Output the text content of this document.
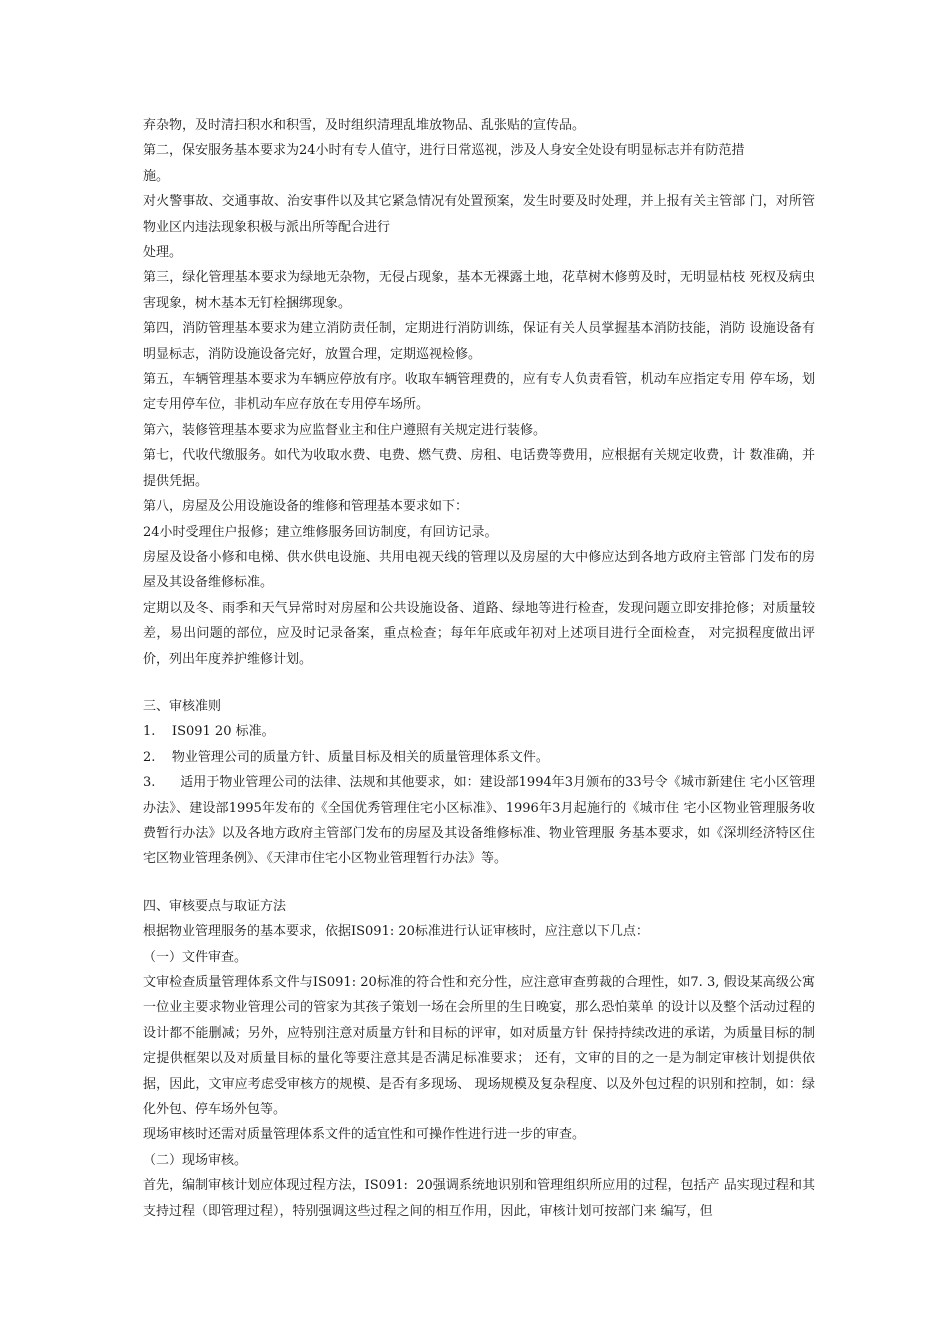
弃杂物，及时清扫积水和积雪，及时组织清理乱堆放物品、乱张贴的宣传品。

第二，保安服务基本要求为24小时有专人值守，进行日常巡视，涉及人身安全处设有明显标志并有防范措

施。

对火警事故、交通事故、治安事件以及其它紧急情况有处置预案，发生时要及时处理，并上报有关主管部 门，对所管物业区内违法现象积极与派出所等配合进行

处理。

第三，绿化管理基本要求为绿地无杂物，无侵占现象，基本无裸露土地，花草树木修剪及时，无明显枯枝 死杈及病虫害现象，树木基本无钉栓捆绑现象。

第四，消防管理基本要求为建立消防责任制，定期进行消防训练，保证有关人员掌握基本消防技能，消防 设施设备有明显标志，消防设施设备完好，放置合理，定期巡视检修。

第五，车辆管理基本要求为车辆应停放有序。收取车辆管理费的，应有专人负责看管，机动车应指定专用 停车场，划定专用停车位，非机动车应存放在专用停车场所。

第六，装修管理基本要求为应监督业主和住户遵照有关规定进行装修。

第七，代收代缴服务。如代为收取水费、电费、燃气费、房租、电话费等费用，应根据有关规定收费，计 数准确，并提供凭据。

第八，房屋及公用设施设备的维修和管理基本要求如下：

24小时受理住户报修；建立维修服务回访制度，有回访记录。

房屋及设备小修和电梯、供水供电设施、共用电视天线的管理以及房屋的大中修应达到各地方政府主管部 门发布的房屋及其设备维修标准。

定期以及冬、雨季和天气异常时对房屋和公共设施设备、道路、绿地等进行检查，发现问题立即安排抢修；对质量较差，易出问题的部位，应及时记录备案，重点检查；每年年底或年初对上述项目进行全面检查， 对完损程度做出评价，列出年度养护维修计划。

三、审核准则

1.    IS091 20 标准。

2.    物业管理公司的质量方针、质量目标及相关的质量管理体系文件。

3.      适用于物业管理公司的法律、法规和其他要求，如：建设部1994年3月颁布的33号令《城市新建住 宅小区管理办法》、建设部1995年发布的《全国优秀管理住宅小区标准》、1996年3月起施行的《城市住 宅小区物业管理服务收费暂行办法》以及各地方政府主管部门发布的房屋及其设备维修标准、物业管理服 务基本要求，如《深圳经济特区住宅区物业管理条例》、《天津市住宅小区物业管理暂行办法》等。

四、审核要点与取证方法

根据物业管理服务的基本要求，依据IS091: 20标准进行认证审核时，应注意以下几点：

（一）文件审查。

文审检查质量管理体系文件与IS091: 20标准的符合性和充分性，应注意审查剪裁的合理性，如7. 3, 假设某高级公寓一位业主要求物业管理公司的管家为其孩子策划一场在会所里的生日晚宴，那么恐怕菜单 的设计以及整个活动过程的设计都不能删减；另外，应特别注意对质量方针和目标的评审，如对质量方针 保持持续改进的承诺，为质量目标的制定提供框架以及对质量目标的量化等要注意其是否满足标准要求； 还有，文审的目的之一是为制定审核计划提供依据，因此，文审应考虑受审核方的规模、是否有多现场、 现场规模及复杂程度、以及外包过程的识别和控制，如：绿化外包、停车场外包等。

现场审核时还需对质量管理体系文件的适宜性和可操作性进行进一步的审查。

（二）现场审核。

首先，编制审核计划应体现过程方法，IS091:  20强调系统地识别和管理组织所应用的过程，包括产 品实现过程和其支持过程（即管理过程），特别强调这些过程之间的相互作用，因此，审核计划可按部门来 编写，但
